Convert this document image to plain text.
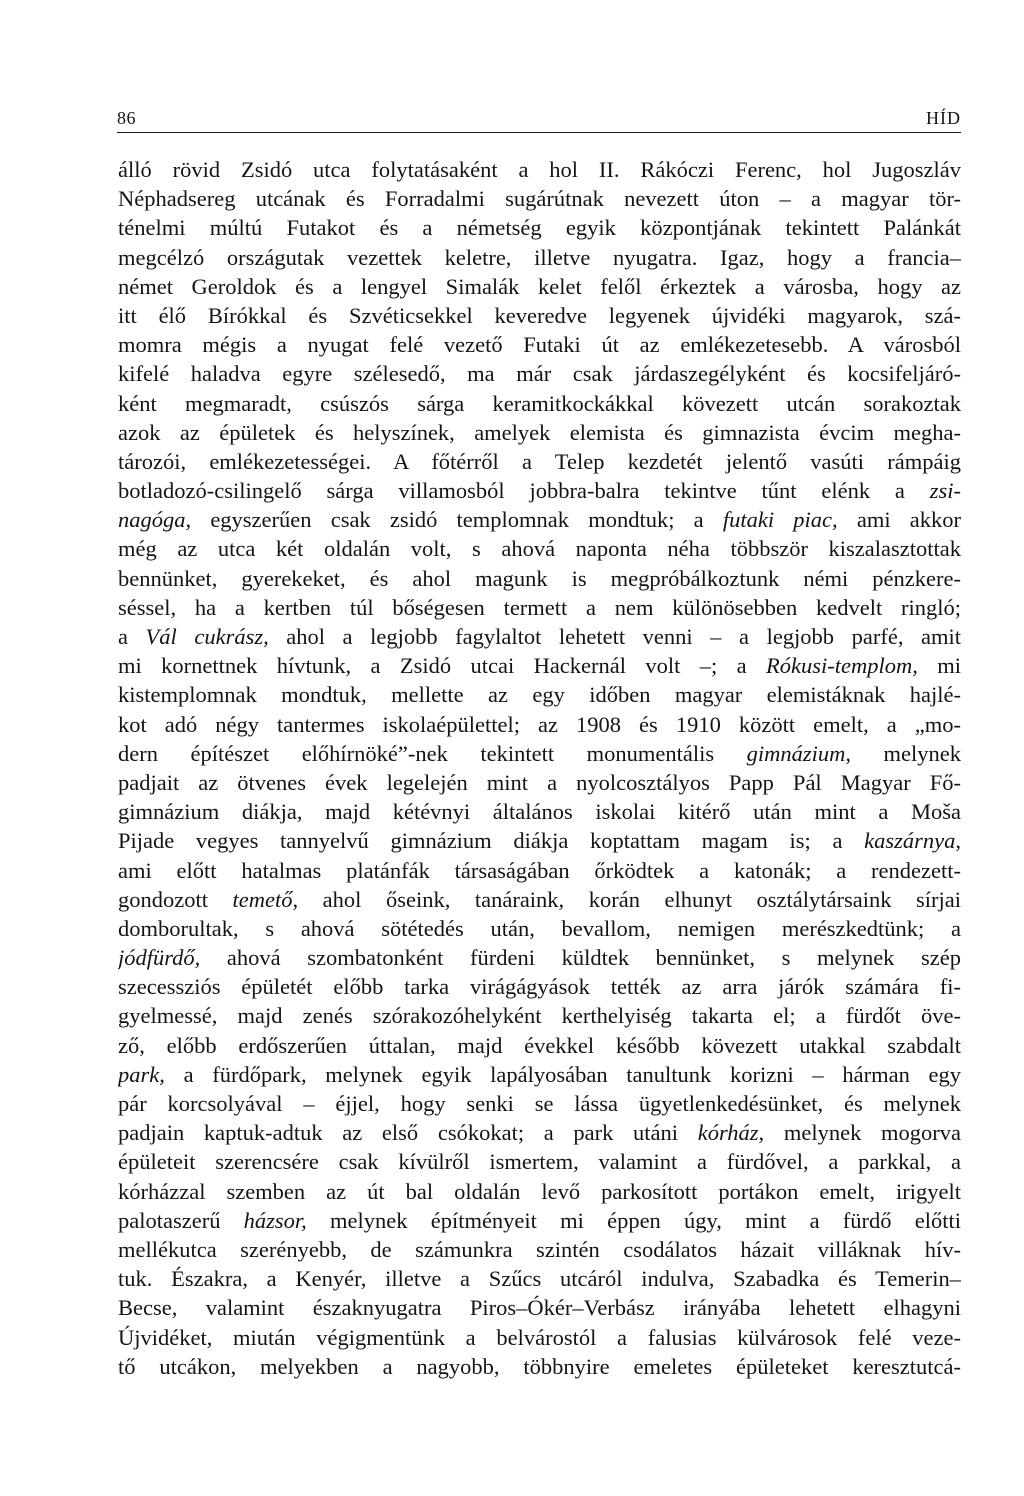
86	HÍD
álló rövid Zsidó utca folytatásaként a hol II. Rákóczi Ferenc, hol Jugoszláv
Néphadsereg utcának és Forradalmi sugárútnak nevezett úton – a magyar tör-
ténelmi múltú Futakot és a németség egyik központjának tekintett Palánkát
megcélzó országutak vezettek keletre, illetve nyugatra. Igaz, hogy a francia–
német Geroldok és a lengyel Simalák kelet felől érkeztek a városba, hogy az
itt élő Bírókkal és Szvéticsekkel keveredve legyenek újvidéki magyarok, szá-
momra mégis a nyugat felé vezető Futaki út az emlékezetesebb. A városból
kifelé haladva egyre szélesedő, ma már csak járdaszegélyként és kocsifeljáró-
ként megmaradt, csúszós sárga keramitkockákkal kövezett utcán sorakoztak
azok az épületek és helyszínek, amelyek elemista és gimnazista évcim megha-
tározói, emlékezetességei. A főtérről a Telep kezdetét jelentő vasúti rámpáig
botladozó-csilingelő sárga villamosból jobbra-balra tekintve tűnt elénk a zsi-
nagóga, egyszerűen csak zsidó templomnak mondtuk; a futaki piac, ami akkor
még az utca két oldalán volt, s ahová naponta néha többször kiszalasztottak
bennünket, gyerekeket, és ahol magunk is megpróbálkoztunk némi pénzkere-
séssel, ha a kertben túl bőségesen termett a nem különösebben kedvelt ringló;
a Vál cukrász, ahol a legjobb fagylaltot lehetett venni – a legjobb parfé, amit
mi kornettnek hívtunk, a Zsidó utcai Hackernál volt –; a Rókusi-templom, mi
kistemplomnak mondtuk, mellette az egy időben magyar elemistáknak hajlé-
kot adó négy tantermes iskolaépülettel; az 1908 és 1910 között emelt, a „mo-
dern építészet előhírnöké”-nek tekintett monumentális gimnázium, melynek
padjait az ötvenes évek legelején mint a nyolcosztályos Papp Pál Magyar Fő-
gimnázium diákja, majd kétévnyi általános iskolai kitérő után mint a Moša
Pijade vegyes tannyelvű gimnázium diákja koptattam magam is; a kaszárnya,
ami előtt hatalmas platánfák társaságában őrködtek a katonák; a rendezett-
gondozott temető, ahol őseink, tanáraink, korán elhunyt osztálytársaink sírjai
domborultak, s ahová sötétedés után, bevallom, nemigen merészkedtünk; a
jódfürdő, ahová szombatonként fürdeni küldtek bennünket, s melynek szép
szecessziós épületét előbb tarka virágágyások tették az arra járók számára fi-
gyelmessé, majd zenés szórakozóhelyként kerthelyiség takarta el; a fürdőt öve-
ző, előbb erdőszerűen úttalan, majd évekkel később kövezett utakkal szabdalt
park, a fürdőpark, melynek egyik lapályosában tanultunk korizni – hárman egy
pár korcsolyával – éjjel, hogy senki se lássa ügyetlenkedésünket, és melynek
padjain kaptuk-adtuk az első csókokat; a park utáni kórház, melynek mogorva
épületeit szerencsére csak kívülről ismertem, valamint a fürdővel, a parkkal, a
kórházzal szemben az út bal oldalán levő parkosított portákon emelt, irigyelt
palotaszerű házsor, melynek építményeit mi éppen úgy, mint a fürdő előtti
mellékutca szerényebb, de számunkra szintén csodálatos házait villáknak hív-
tuk. Északra, a Kenyér, illetve a Szűcs utcáról indulva, Szabadka és Temerin–
Becse, valamint északnyugatra Piros–Ókér–Verbász irányába lehetett elhagyni
Újvidéket, miután végigmentünk a belvárostól a falusias külvárosok felé veze-
tő utcákon, melyekben a nagyobb, többnyire emeletes épületeket keresztutcá-
